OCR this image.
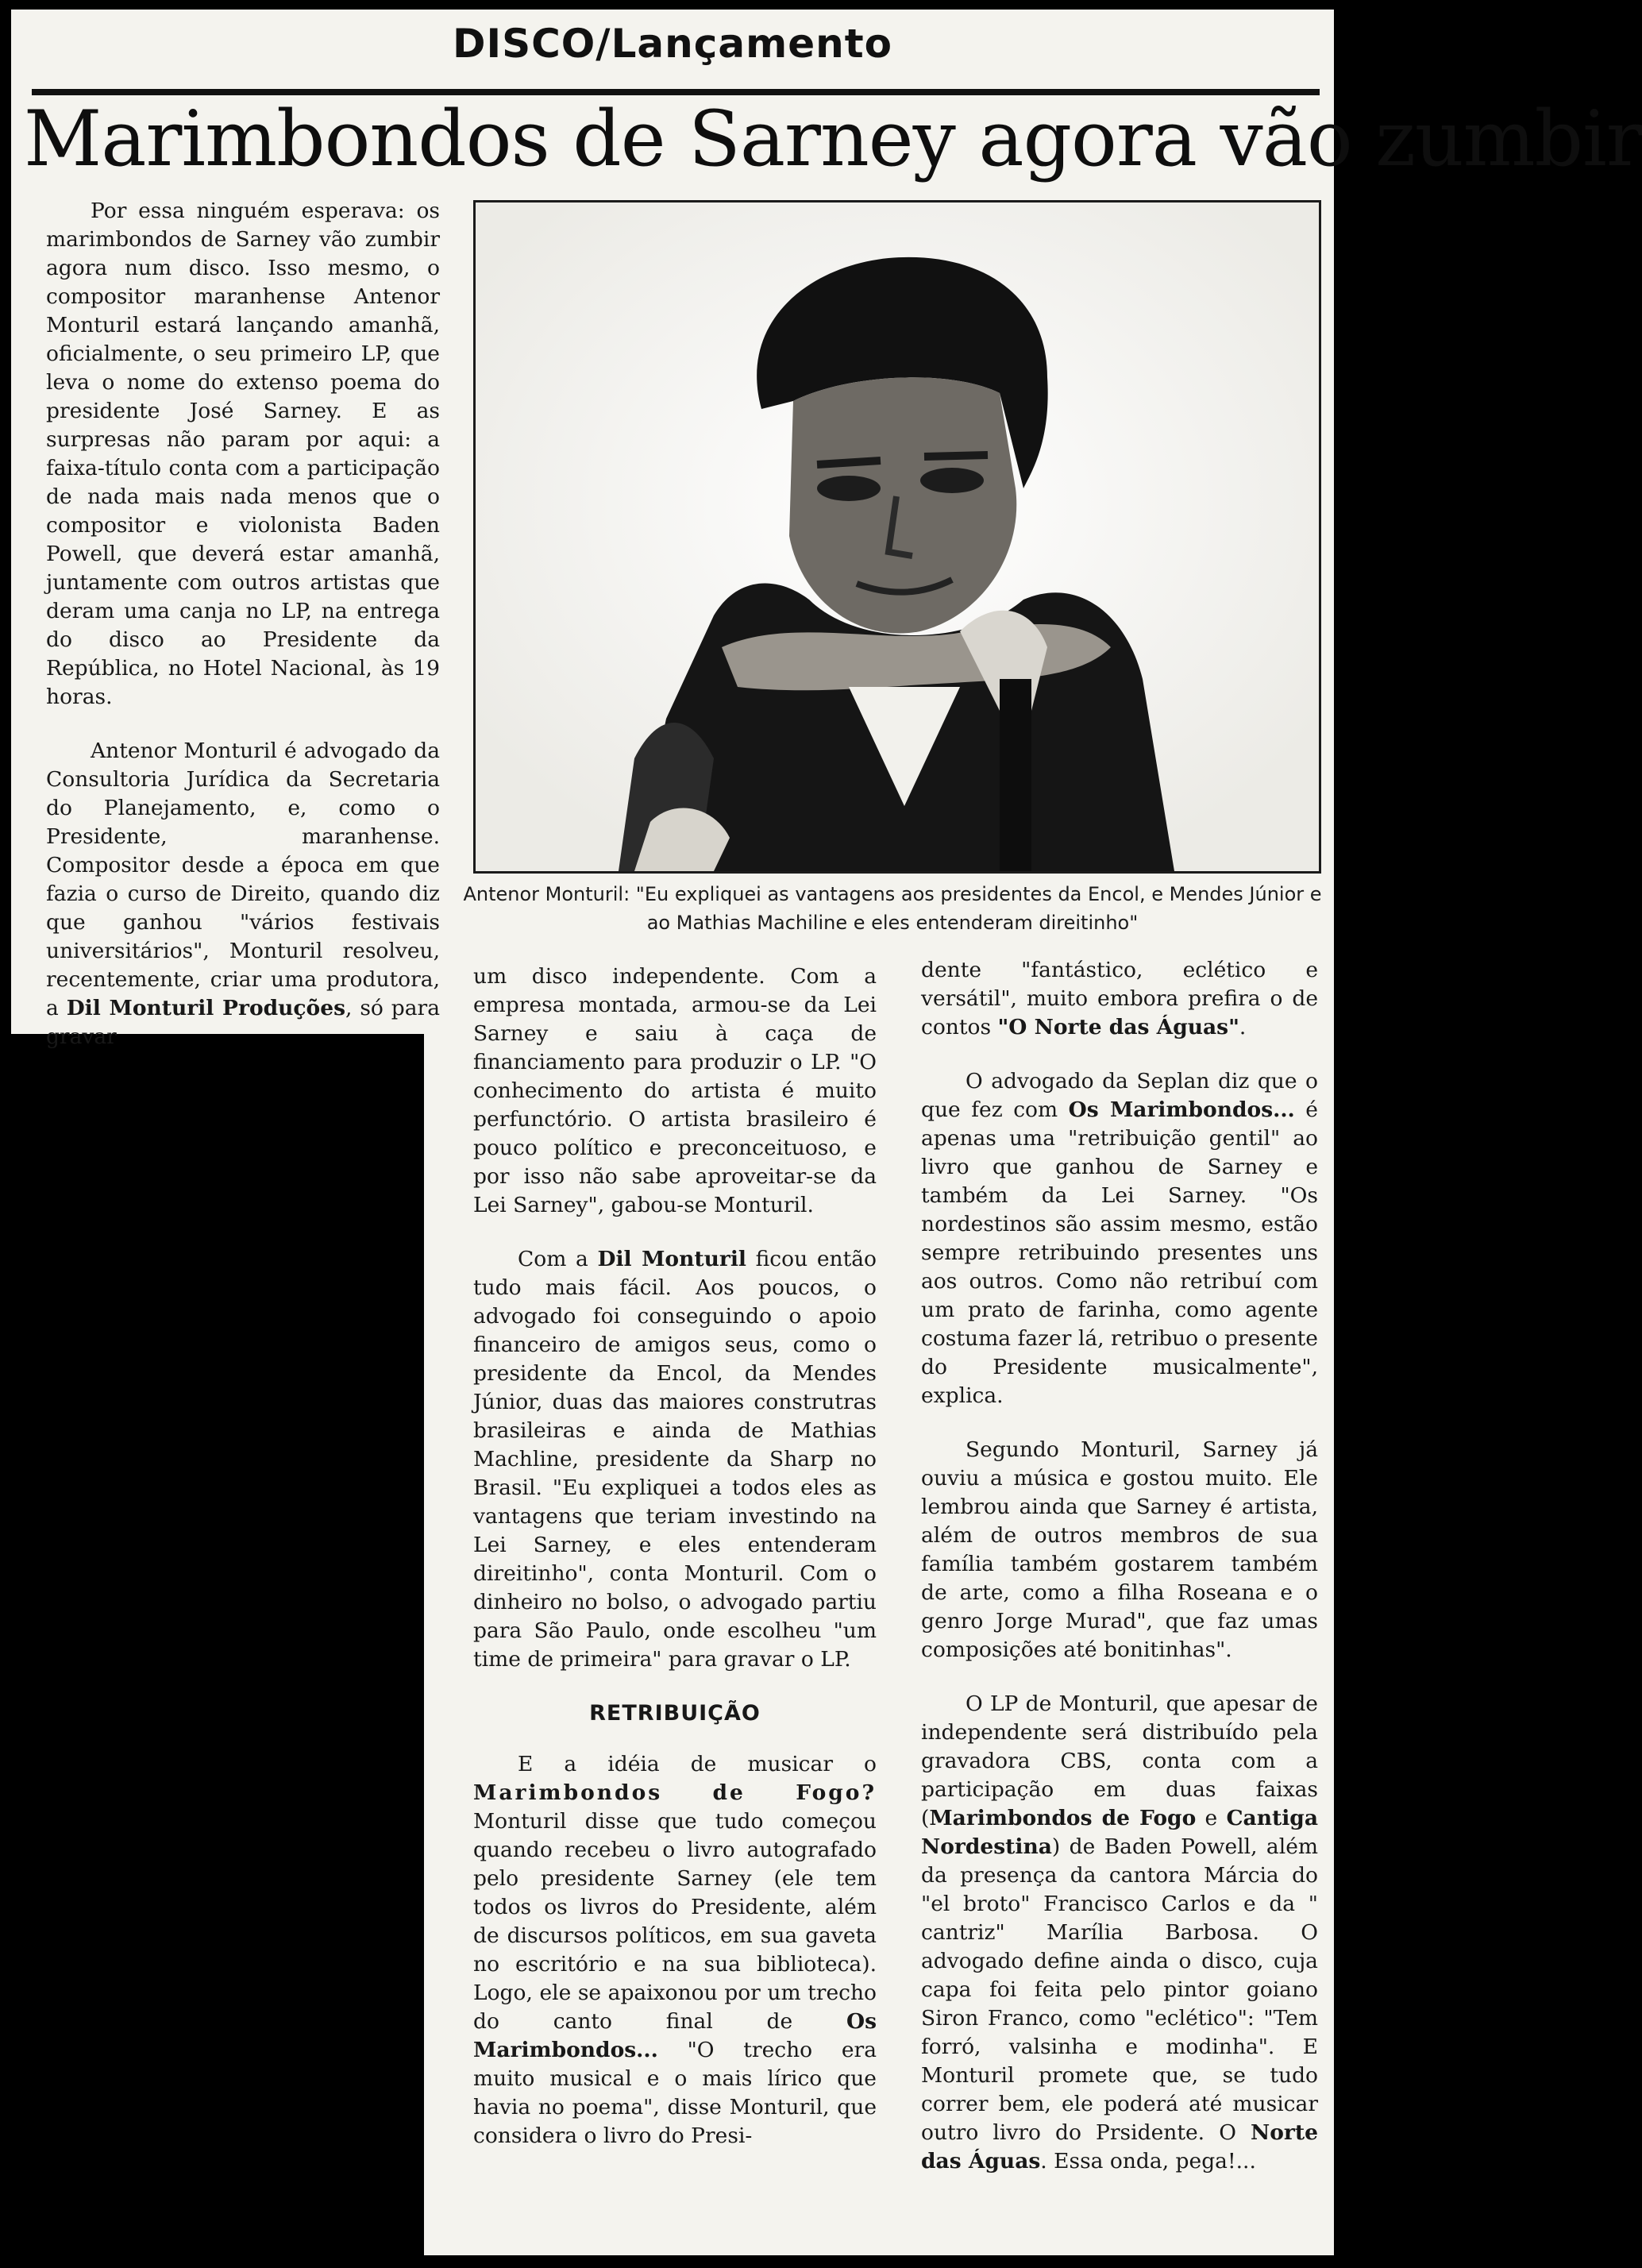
DISCO/Lançamento
Marimbondos de Sarney agora vão zumbir

Por essa ninguém esperava: os marimbondos de Sarney vão zumbir agora num disco. Isso mesmo, o compositor maranhense Antenor Monturil estará lançando amanhã, oficialmente, o seu primeiro LP, que leva o nome do extenso poema do presidente José Sarney. E as surpresas não param por aqui: a faixa-título conta com a participação de nada mais nada menos que o compositor e violonista Baden Powell, que deverá estar amanhã, juntamente com outros artistas que deram uma canja no LP, na entrega do disco ao Presidente da República, no Hotel Nacional, às 19 horas.

Antenor Monturil é advogado da Consultoria Jurídica da Secretaria do Planejamento, e, como o Presidente, maranhense. Compositor desde a época em que fazia o curso de Direito, quando diz que ganhou "vários festivais universitários", Monturil resolveu, recentemente, criar uma produtora, a Dil Monturil Produções, só para gravar

Antenor Monturil: "Eu expliquei as vantagens aos presidentes da Encol, e Mendes Júnior e ao Mathias Machiline e eles entenderam direitinho"

um disco independente. Com a empresa montada, armou-se da Lei Sarney e saiu à caça de financiamento para produzir o LP. "O conhecimento do artista é muito perfunctório. O artista brasileiro é pouco político e preconceituoso, e por isso não sabe aproveitar-se da Lei Sarney", gabou-se Monturil.

Com a Dil Monturil ficou então tudo mais fácil. Aos poucos, o advogado foi conseguindo o apoio financeiro de amigos seus, como o presidente da Encol, da Mendes Júnior, duas das maiores construtras brasileiras e ainda de Mathias Machline, presidente da Sharp no Brasil. "Eu expliquei a todos eles as vantagens que teriam investindo na Lei Sarney, e eles entenderam direitinho", conta Monturil. Com o dinheiro no bolso, o advogado partiu para São Paulo, onde escolheu "um time de primeira" para gravar o LP.

RETRIBUIÇÃO

E a idéia de musicar o Marimbondos de Fogo? Monturil disse que tudo começou quando recebeu o livro autografado pelo presidente Sarney (ele tem todos os livros do Presidente, além de discursos políticos, em sua gaveta no escritório e na sua biblioteca). Logo, ele se apaixonou por um trecho do canto final de Os Marimbondos... "O trecho era muito musical e o mais lírico que havia no poema", disse Monturil, que considera o livro do Presi-

dente "fantástico, eclético e versátil", muito embora prefira o de contos "O Norte das Águas".

O advogado da Seplan diz que o que fez com Os Marimbondos... é apenas uma "retribuição gentil" ao livro que ganhou de Sarney e também da Lei Sarney. "Os nordestinos são assim mesmo, estão sempre retribuindo presentes uns aos outros. Como não retribuí com um prato de farinha, como agente costuma fazer lá, retribuo o presente do Presidente musicalmente", explica.

Segundo Monturil, Sarney já ouviu a música e gostou muito. Ele lembrou ainda que Sarney é artista, além de outros membros de sua família também gostarem também de arte, como a filha Roseana e o genro Jorge Murad", que faz umas composições até bonitinhas".

O LP de Monturil, que apesar de independente será distribuído pela gravadora CBS, conta com a participação em duas faixas (Marimbondos de Fogo e Cantiga Nordestina) de Baden Powell, além da presença da cantora Márcia do "el broto" Francisco Carlos e da " cantriz" Marília Barbosa. O advogado define ainda o disco, cuja capa foi feita pelo pintor goiano Siron Franco, como "eclético": "Tem forró, valsinha e modinha". E Monturil promete que, se tudo correr bem, ele poderá até musicar outro livro do Prsidente. O Norte das Águas. Essa onda, pega!...
